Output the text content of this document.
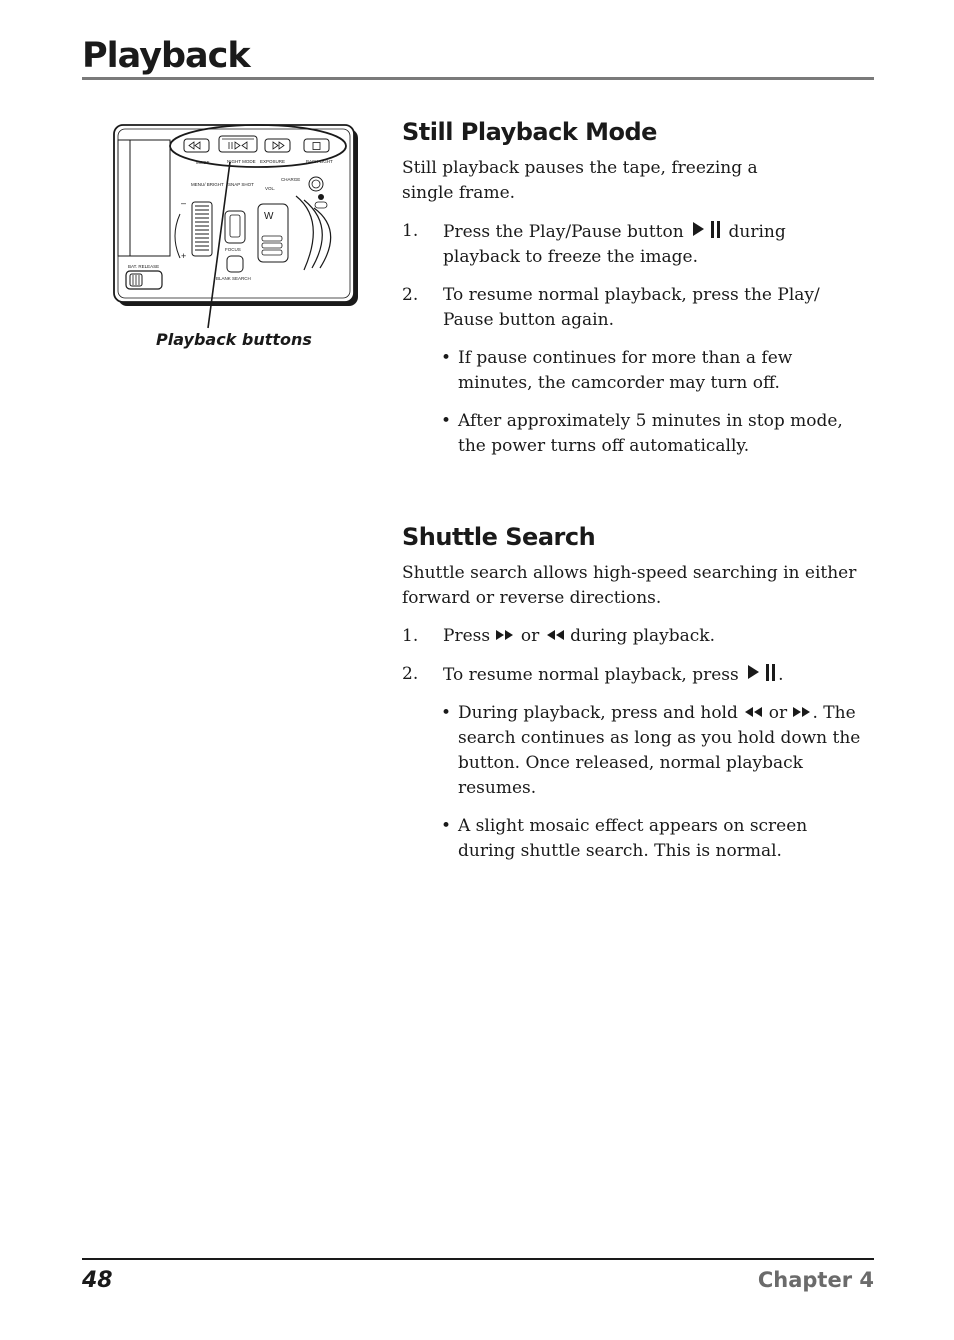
Playback
MODE	NIGHT MODE EXPOSURE	BACK LIGHT
CHARGE
MENU/ BRIGHT SNAP SHOT
VOL.
–
+
FOCUS
BLANK SEARCH
W
BAT. RELEASE
Playback buttons
Still Playback Mode

Still playback pauses the tape, freezing a single frame.

1. Press the Play/Pause button	during playback to freeze the image.
2. To resume normal playback, press the Play/ Pause button again.
• If pause continues for more than a few minutes, the camcorder may turn off.
• After approximately 5 minutes in stop mode, the power turns off automatically.
Shuttle Search

Shuttle search allows high-speed searching in either forward or reverse directions.

1. Press or during playback.
2. To resume normal playback, press .
• During playback, press and hold or . The search continues as long as you hold down the button. Once released, normal playback resumes.
• A slight mosaic effect appears on screen during shuttle search. This is normal.
48	Chapter 4
